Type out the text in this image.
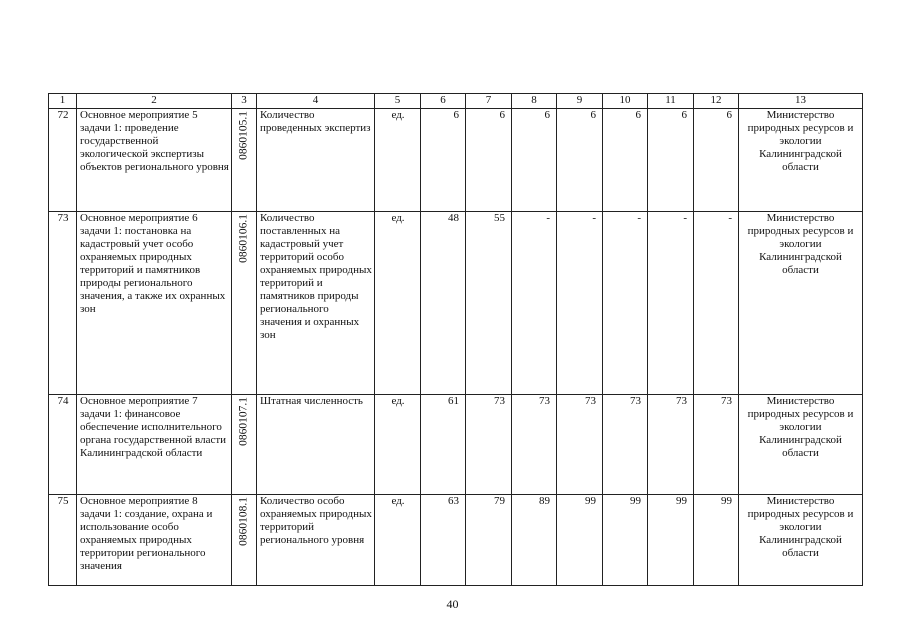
1	2	3	4	5	6	7	8	9	10	11	12	13
72	Основное мероприятие 5 задачи 1: проведение государственной экологической экспертизы объектов регионального уровня	0860105.1	Количество проведенных экспертиз	ед.	6	6	6	6	6	6	6	Министерство природных ресурсов и экологии Калининградской области
73	Основное мероприятие 6 задачи 1: постановка на кадастровый учет особо охраняемых природных территорий и памятников природы регионального значения, а также их охранных зон	0860106.1	Количество поставленных на кадастровый учет территорий особо охраняемых природных территорий и памятников природы регионального значения и охранных зон	ед.	48	55	-	-	-	-	-	Министерство природных ресурсов и экологии Калининградской области
74	Основное мероприятие 7 задачи 1: финансовое обеспечение исполнительного органа государственной власти Калининградской области	0860107.1	Штатная численность	ед.	61	73	73	73	73	73	73	Министерство природных ресурсов и экологии Калининградской области
75	Основное мероприятие 8 задачи 1: создание, охрана и использование особо охраняемых природных территории регионального значения	0860108.1	Количество особо охраняемых природных территорий регионального уровня	ед.	63	79	89	99	99	99	99	Министерство природных ресурсов и экологии Калининградской области
40
